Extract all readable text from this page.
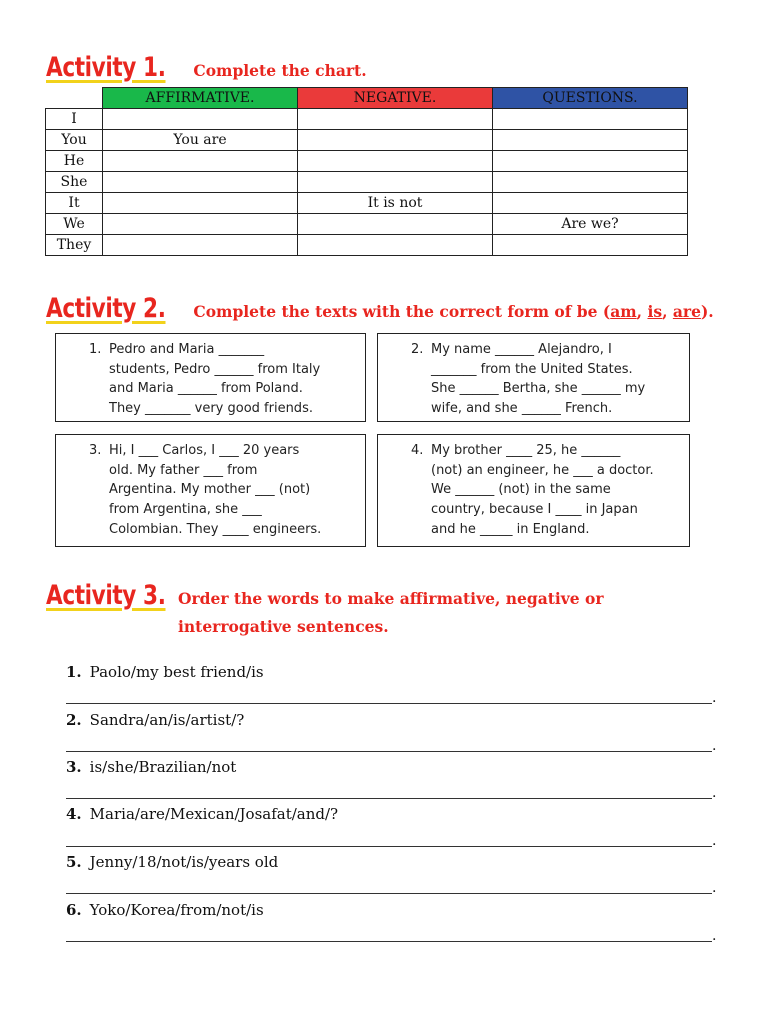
Activity 1. Complete the chart.
	AFFIRMATIVE.	NEGATIVE.	QUESTIONS.
I			
You	You are		
He			
She			
It		It is not	
We			Are we?
They			
Activity 2. Complete the texts with the correct form of be (am, is, are).
1. Pedro and Maria _______
students, Pedro ______ from Italy
and Maria ______ from Poland.
They _______ very good friends.
2. My name ______ Alejandro, I
_______ from the United States.
She ______ Bertha, she ______ my
wife, and she ______ French.
3. Hi, I ___ Carlos, I ___ 20 years
old. My father ___ from
Argentina. My mother ___ (not)
from Argentina, she ___
Colombian. They ____ engineers.
4. My brother ____ 25, he ______
(not) an engineer, he ___ a doctor.
We ______ (not) in the same
country, because I ____ in Japan
and he _____ in England.
Activity 3. Order the words to make affirmative, negative or
interrogative sentences.
1. Paolo/my best friend/is
.
2. Sandra/an/is/artist/?
.
3. is/she/Brazilian/not
.
4. Maria/are/Mexican/Josafat/and/?
.
5. Jenny/18/not/is/years old
.
6. Yoko/Korea/from/not/is
.
